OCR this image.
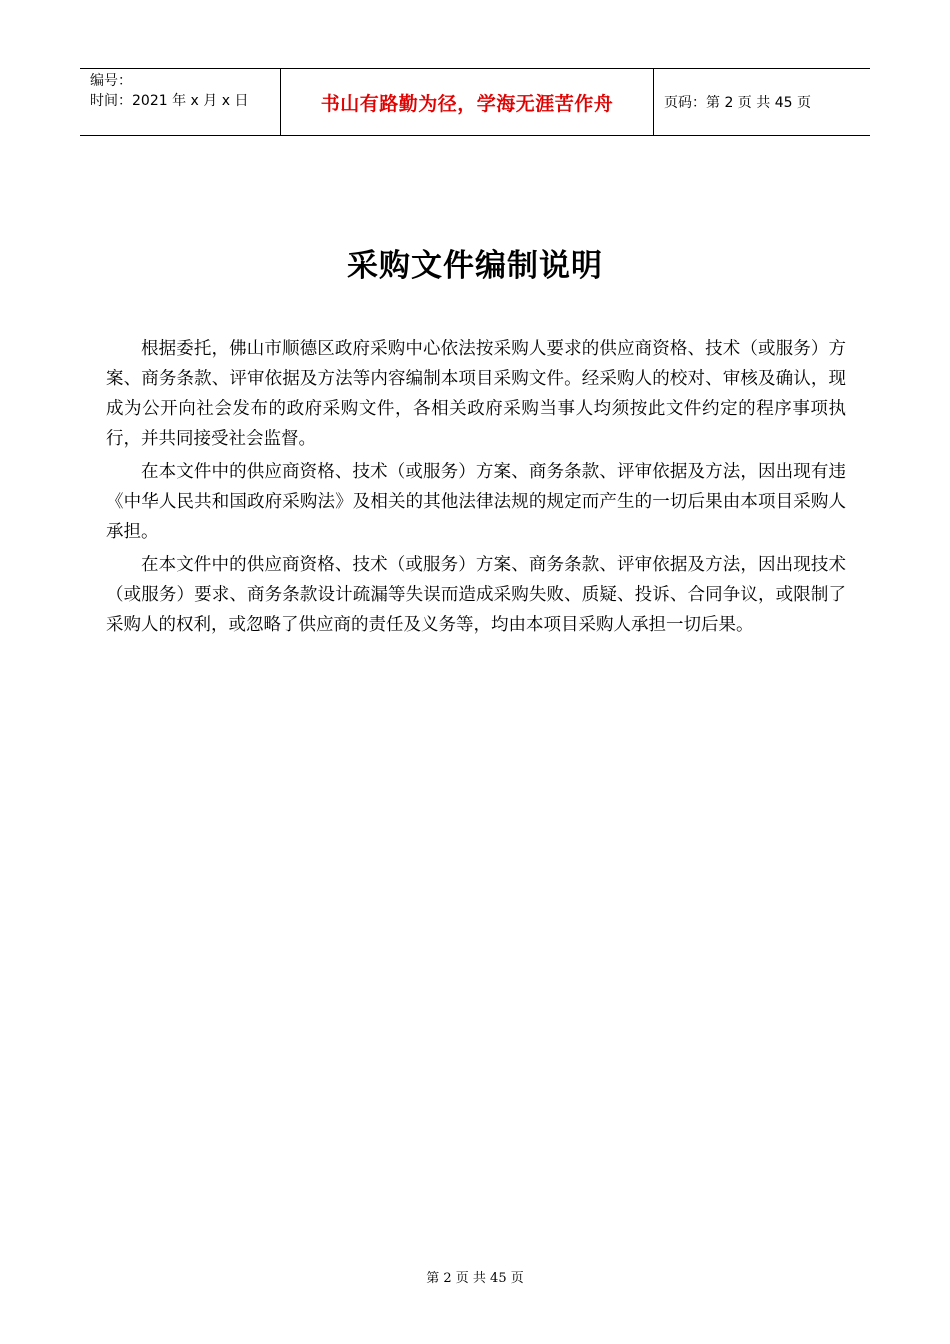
编号：
时间：2021 年 x 月 x 日	书山有路勤为径，学海无涯苦作舟	页码：第 2 页 共 45 页
采购文件编制说明

根据委托，佛山市顺德区政府采购中心依法按采购人要求的供应商资格、技术（或服务）方案、商务条款、评审依据及方法等内容编制本项目采购文件。经采购人的校对、审核及确认，现成为公开向社会发布的政府采购文件，各相关政府采购当事人均须按此文件约定的程序事项执行，并共同接受社会监督。

在本文件中的供应商资格、技术（或服务）方案、商务条款、评审依据及方法，因出现有违《中华人民共和国政府采购法》及相关的其他法律法规的规定而产生的一切后果由本项目采购人承担。

在本文件中的供应商资格、技术（或服务）方案、商务条款、评审依据及方法，因出现技术（或服务）要求、商务条款设计疏漏等失误而造成采购失败、质疑、投诉、合同争议，或限制了采购人的权利，或忽略了供应商的责任及义务等，均由本项目采购人承担一切后果。

第 2 页 共 45 页
